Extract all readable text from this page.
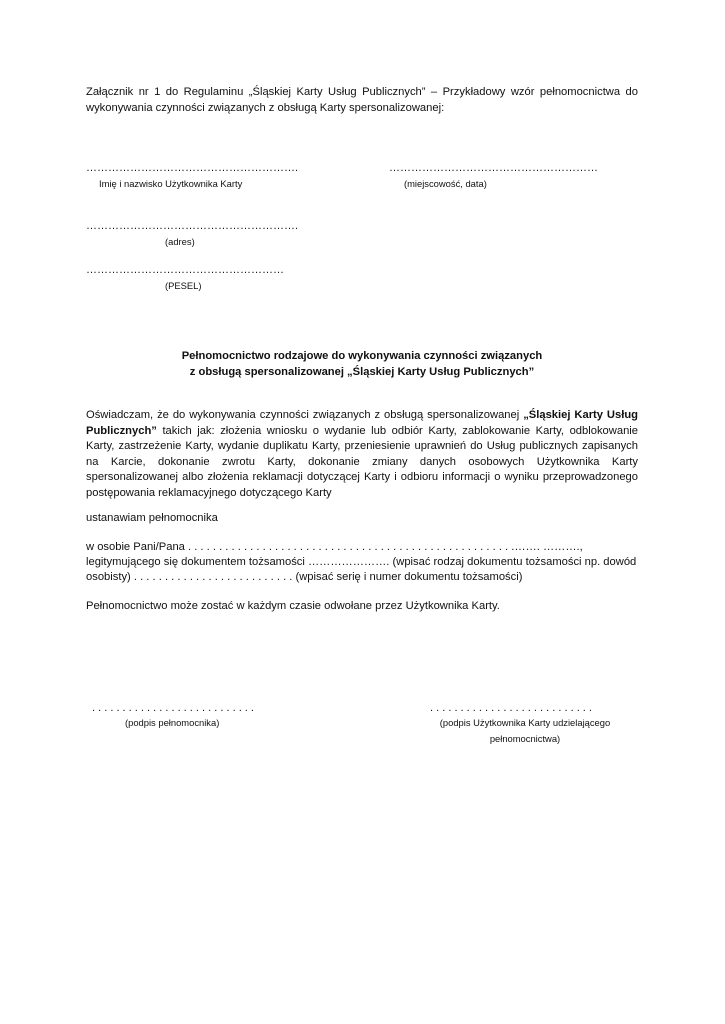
Załącznik nr 1 do Regulaminu „Śląskiej Karty Usług Publicznych” – Przykładowy wzór pełnomocnictwa do wykonywania czynności związanych z obsługą Karty spersonalizowanej:
………………………………………………….
Imię i nazwisko Użytkownika Karty
…………………………………………………
(miejscowość, data)
………………………………………………….
(adres)
………………………………………………
(PESEL)
Pełnomocnictwo rodzajowe do wykonywania czynności związanych
z obsługą spersonalizowanej „Śląskiej Karty Usług Publicznych”
Oświadczam, że do wykonywania czynności związanych z obsługą spersonalizowanej „Śląskiej Karty Usług Publicznych” takich jak: złożenia wniosku o wydanie lub odbiór Karty, zablokowanie Karty, odblokowanie Karty, zastrzeżenie Karty, wydanie duplikatu Karty, przeniesienie uprawnień do Usług publicznych zapisanych na Karcie, dokonanie zwrotu Karty, dokonanie zmiany danych osobowych Użytkownika Karty spersonalizowanej albo złożenia reklamacji dotyczącej Karty i odbioru informacji o wyniku przeprowadzonego postępowania reklamacyjnego dotyczącego Karty
ustanawiam pełnomocnika
w osobie Pani/Pana . . . . . . . . . . . . . . . . . . . . . . . . . . . . . . . . . . . . . . . . . . . . . . . . . . . . .……. ……….,
legitymującego się dokumentem tożsamości …………………. (wpisać rodzaj dokumentu tożsamości np. dowód
osobisty) . . . . . . . . . . . . . . . . . . . . . . . . . . (wpisać serię i numer dokumentu tożsamości)
Pełnomocnictwo może zostać w każdym czasie odwołane przez Użytkownika Karty.
. . . . . . . . . . . . . . . . . . . . . . . . . . .
(podpis pełnomocnika)
. . . . . . . . . . . . . . . . . . . . . . . . . . .
(podpis Użytkownika Karty udzielającego
pełnomocnictwa)
